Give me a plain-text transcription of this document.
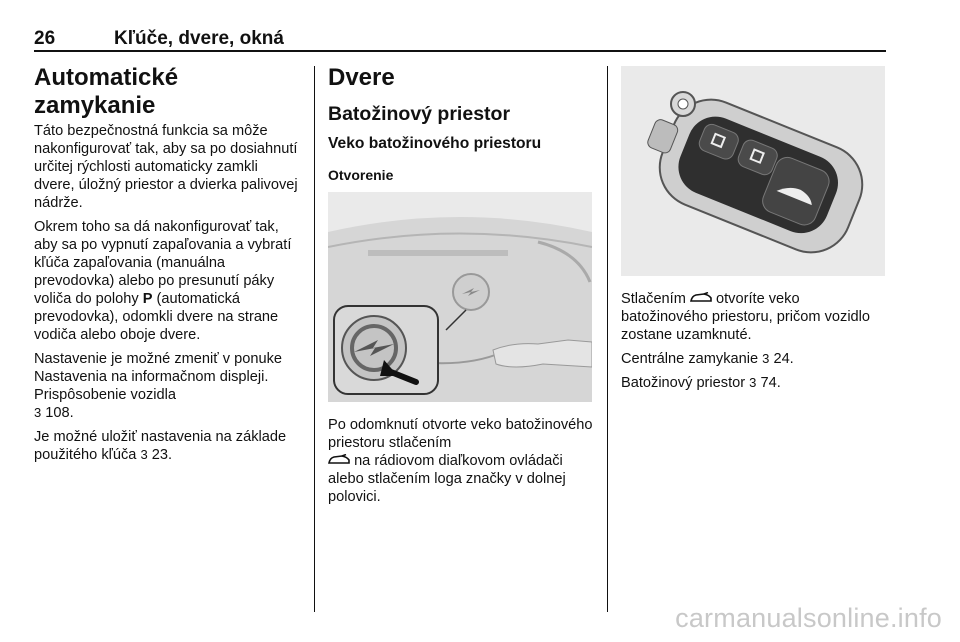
26	Kľúče, dvere, okná
Automatické zamykanie

Táto bezpečnostná funkcia sa môže nakonfigurovať tak, aby sa po dosiahnutí určitej rýchlosti automaticky zamkli dvere, úložný priestor a dvierka palivovej nádrže.

Okrem toho sa dá nakonfigurovať tak, aby sa po vypnutí zapaľovania a vybratí kľúča zapaľovania (manuálna prevodovka) alebo po presunutí páky voliča do polohy P (automatická prevodovka), odomkli dvere na strane vodiča alebo oboje dvere.

Nastavenie je možné zmeniť v ponuke Nastavenia na informačnom displeji. Prispôsobenie vozidla
3 108.

Je možné uložiť nastavenia na základe použitého kľúča 3 23.

Dvere
Batožinový priestor
Veko batožinového priestoru
Otvorenie

Po odomknutí otvorte veko batožinového priestoru stlačením
na rádiovom diaľkovom ovládači alebo stlačením loga značky v dolnej polovici.

Stlačením otvoríte veko batožinového priestoru, pričom vozidlo zostane uzamknuté.

Centrálne zamykanie 3 24.

Batožinový priestor 3 74.

carmanualsonline.info
